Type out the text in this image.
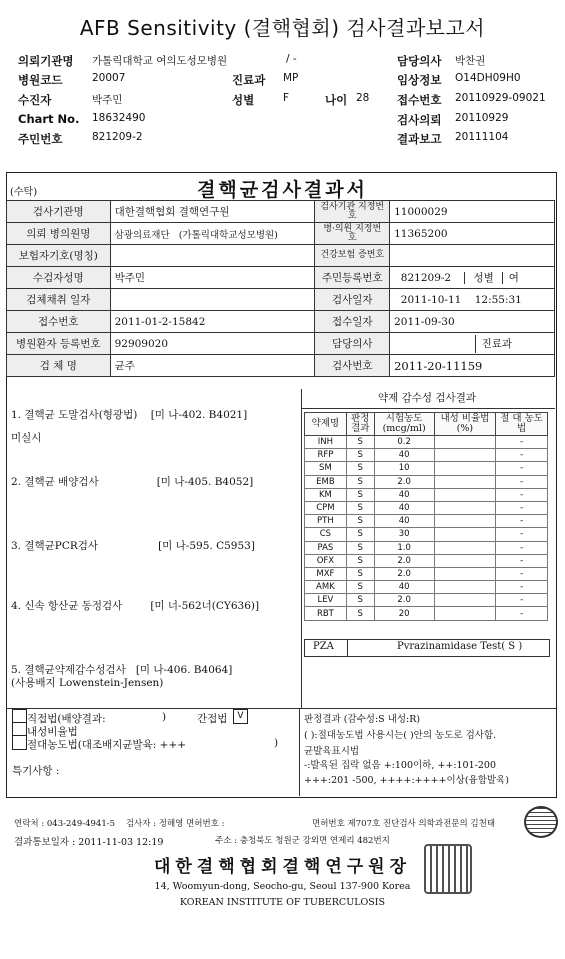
AFB Sensitivity (결핵협회) 검사결과보고서
의뢰기관명 가톨릭대학교 여의도성모병원	/ -	담당의사 박찬권
병원코드	20007	진료과 MP	임상정보 O14DH09H0
수진자	박주민	성별	F	나이 28 접수번호 20110929-09021
Chart No. 18632490	검사의뢰 20110929
주민번호	821209-2	결과보고 20111104
(수탁)	결핵균검사결과서
검사기관명	대한결핵협회 결핵연구원	검사기관 지정번호	11000029
의뢰 병의원명	삼광의료재단 (가톨릭대학교성모병원)	병·의원 지정번호	11365200
보험자기호(명칭)		건강보험 증번호	
수검자성명	박주민	주민등록번호	821209-2 성별 여
검체채취 일자		검사일자	2011-10-11 12:55:31
접수번호	2011-01-2-15842	접수일자	2011-09-30
병원환자 등록번호	92909020	담당의사	진료과
검 체 명	균주	검사번호	2011-20-11159
1. 결핵균 도말검사(형광법) [미 나-402. B4021]
미실시
2. 결핵균 배양검사	[미 나-405. B4052]
3. 결핵균PCR검사	[미 나-595. C5953]
4. 신속 항산균 동정검사	[미 너-562너(CY636)]
5. 결핵균약제감수성검사 [미 나-406. B4064]
(사용배지 Lowenstein-Jensen)
약제 감수성 검사결과
약제명	판정 결과	시험농도 (mcg/ml)	내성 비율법(%)	절 대 농도법
INH	S	0.2		-
RFP	S	40		-
SM	S	10		-
EMB	S	2.0		-
KM	S	40		-
CPM	S	40		-
PTH	S	40		-
CS	S	30		-
PAS	S	1.0		-
OFX	S	2.0		-
MXF	S	2.0		-
AMK	S	40		-
LEV	S	2.0		-
RBT	S	20		-
PZA	Pvrazinamidase Test( S )
직접법(배양결과:	)	간접법	V
내성비율법
절대농도법(대조배지균발육: +++	)
특기사항 :
판정결과 (감수성:S 내성:R)
( ):절대농도법 사용시는( )안의 농도로 검사함.
균발육표시법
-:발육된 집락 없음 +:100이하, ++:101-200
+++:201 -500, ++++:++++이상(융합발육)
연락처 : 043-249-4941-5 검사자 : 정해영 면허번호 :	면허번호 제707호 진단검사 의학과전문의 김천태
결과통보일자 : 2011-11-03 12:19	주소 : 충청북도 청원군 강외면 연제리 482번지
대한결핵협회결핵연구원장
14, Woomyun-dong, Seocho-gu, Seoul 137-900 Korea
KOREAN INSTITUTE OF TUBERCULOSIS
